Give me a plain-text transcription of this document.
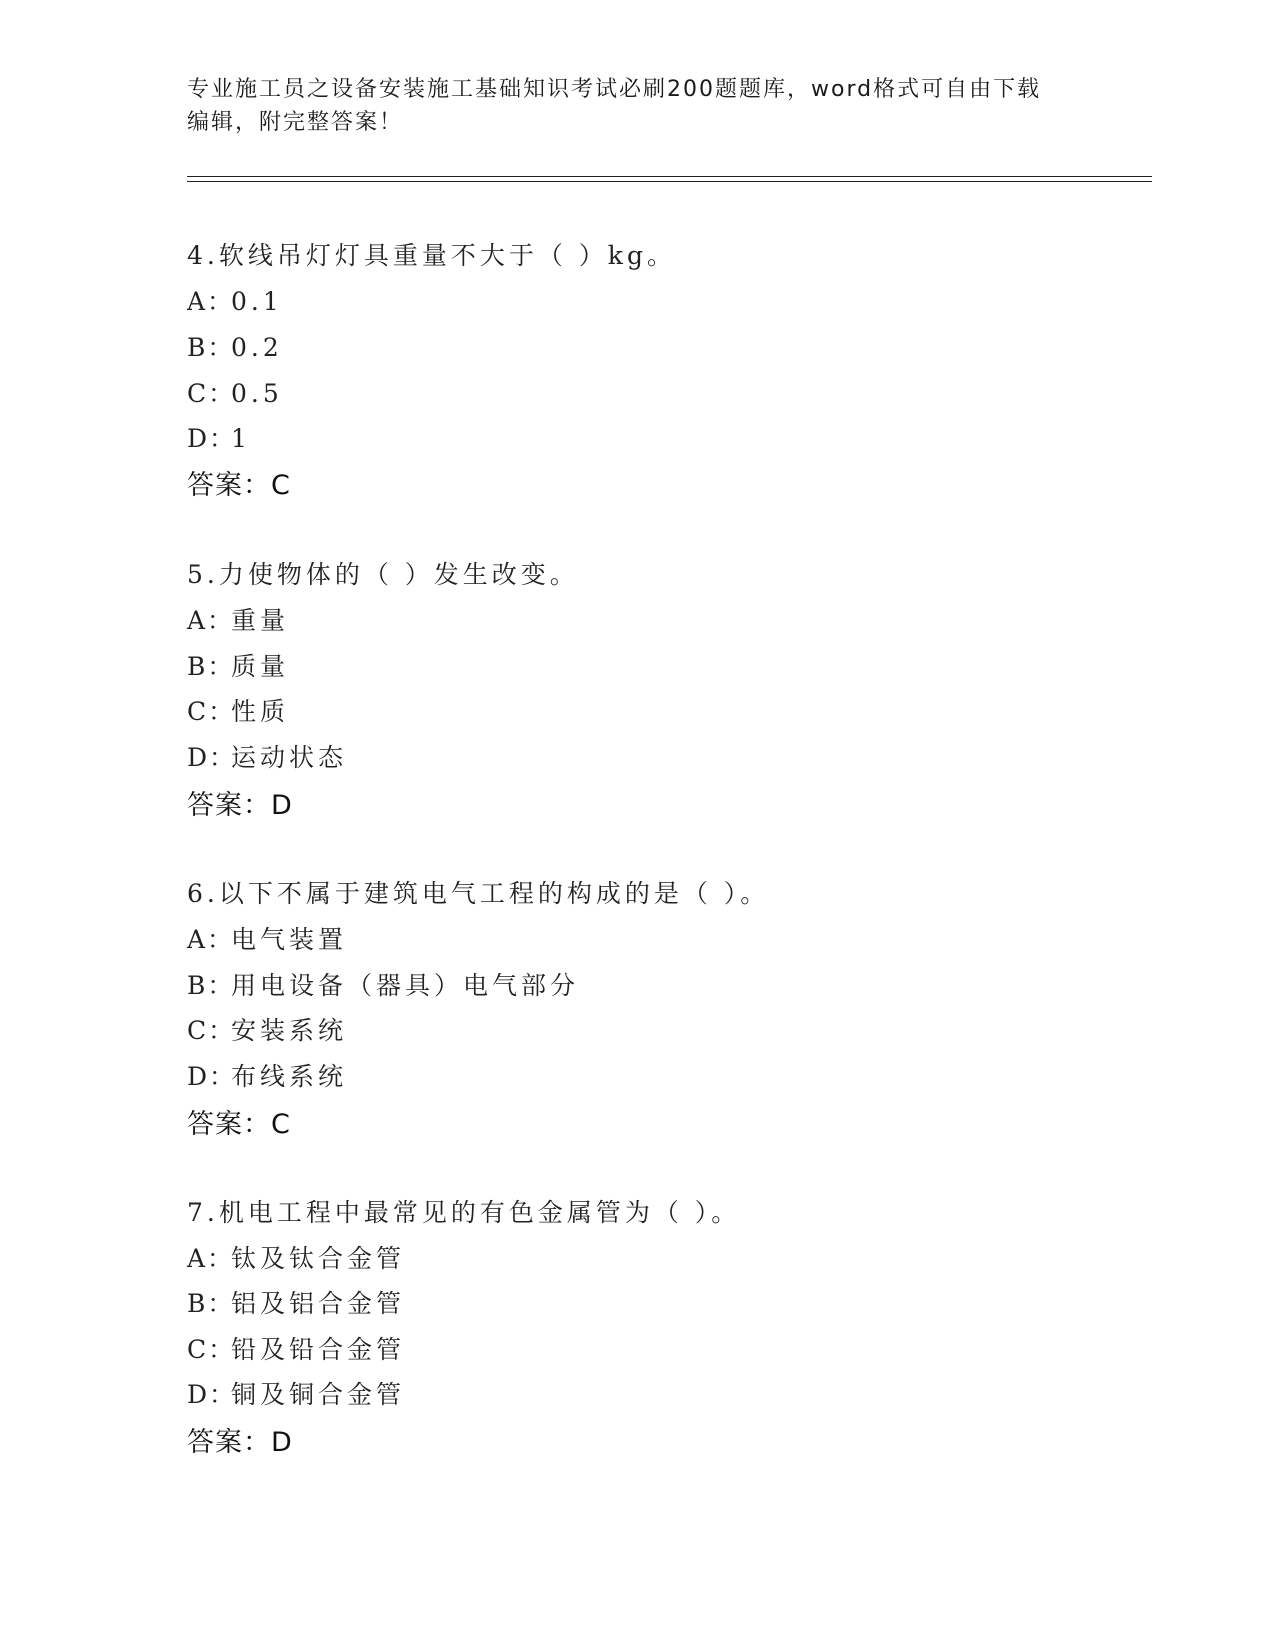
专业施工员之设备安装施工基础知识考试必刷200题题库，word格式可自由下载
编辑，附完整答案！
4.软线吊灯灯具重量不大于（ ）kg。
A：0.1
B：0.2
C：0.5
D：1
答案：C
5.力使物体的（ ）发生改变。
A：重量
B：质量
C：性质
D：运动状态
答案：D
6.以下不属于建筑电气工程的构成的是（ ）。
A：电气装置
B：用电设备（器具）电气部分
C：安装系统
D：布线系统
答案：C
7.机电工程中最常见的有色金属管为（ ）。
A：钛及钛合金管
B：铝及铝合金管
C：铅及铅合金管
D：铜及铜合金管
答案：D
